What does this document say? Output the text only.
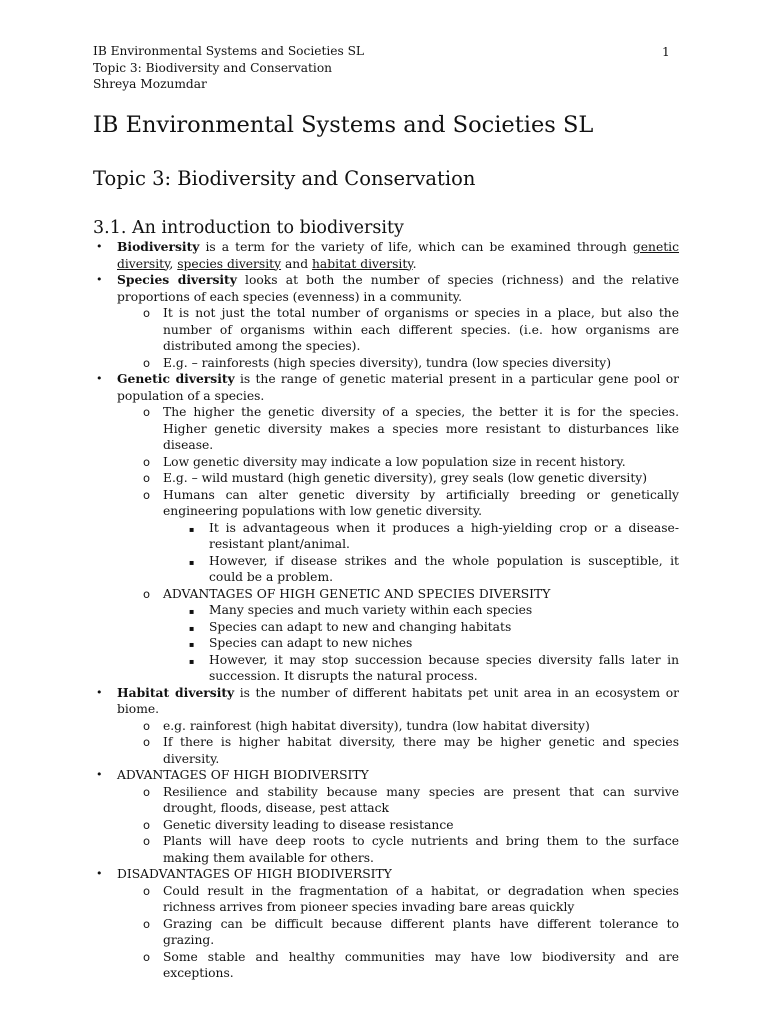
IB Environmental Systems and Societies SL
Topic 3: Biodiversity and Conservation
Shreya Mozumdar
1
IB Environmental Systems and Societies SL
Topic 3: Biodiversity and Conservation
3.1. An introduction to biodiversity
• Biodiversity is a term for the variety of life, which can be examined through genetic diversity, species diversity and habitat diversity.
• Species diversity looks at both the number of species (richness) and the relative proportions of each species (evenness) in a community.
o It is not just the total number of organisms or species in a place, but also the number of organisms within each different species. (i.e. how organisms are distributed among the species).
o E.g. – rainforests (high species diversity), tundra (low species diversity)
• Genetic diversity is the range of genetic material present in a particular gene pool or population of a species.
o The higher the genetic diversity of a species, the better it is for the species. Higher genetic diversity makes a species more resistant to disturbances like disease.
o Low genetic diversity may indicate a low population size in recent history.
o E.g. – wild mustard (high genetic diversity), grey seals (low genetic diversity)
o Humans can alter genetic diversity by artificially breeding or genetically engineering populations with low genetic diversity.
▪ It is advantageous when it produces a high-yielding crop or a disease-resistant plant/animal.
▪ However, if disease strikes and the whole population is susceptible, it could be a problem.
o ADVANTAGES OF HIGH GENETIC AND SPECIES DIVERSITY
▪ Many species and much variety within each species
▪ Species can adapt to new and changing habitats
▪ Species can adapt to new niches
▪ However, it may stop succession because species diversity falls later in succession. It disrupts the natural process.
• Habitat diversity is the number of different habitats pet unit area in an ecosystem or biome.
o e.g. rainforest (high habitat diversity), tundra (low habitat diversity)
o If there is higher habitat diversity, there may be higher genetic and species diversity.
• ADVANTAGES OF HIGH BIODIVERSITY
o Resilience and stability because many species are present that can survive drought, floods, disease, pest attack
o Genetic diversity leading to disease resistance
o Plants will have deep roots to cycle nutrients and bring them to the surface making them available for others.
• DISADVANTAGES OF HIGH BIODIVERSITY
o Could result in the fragmentation of a habitat, or degradation when species richness arrives from pioneer species invading bare areas quickly
o Grazing can be difficult because different plants have different tolerance to grazing.
o Some stable and healthy communities may have low biodiversity and are exceptions.
